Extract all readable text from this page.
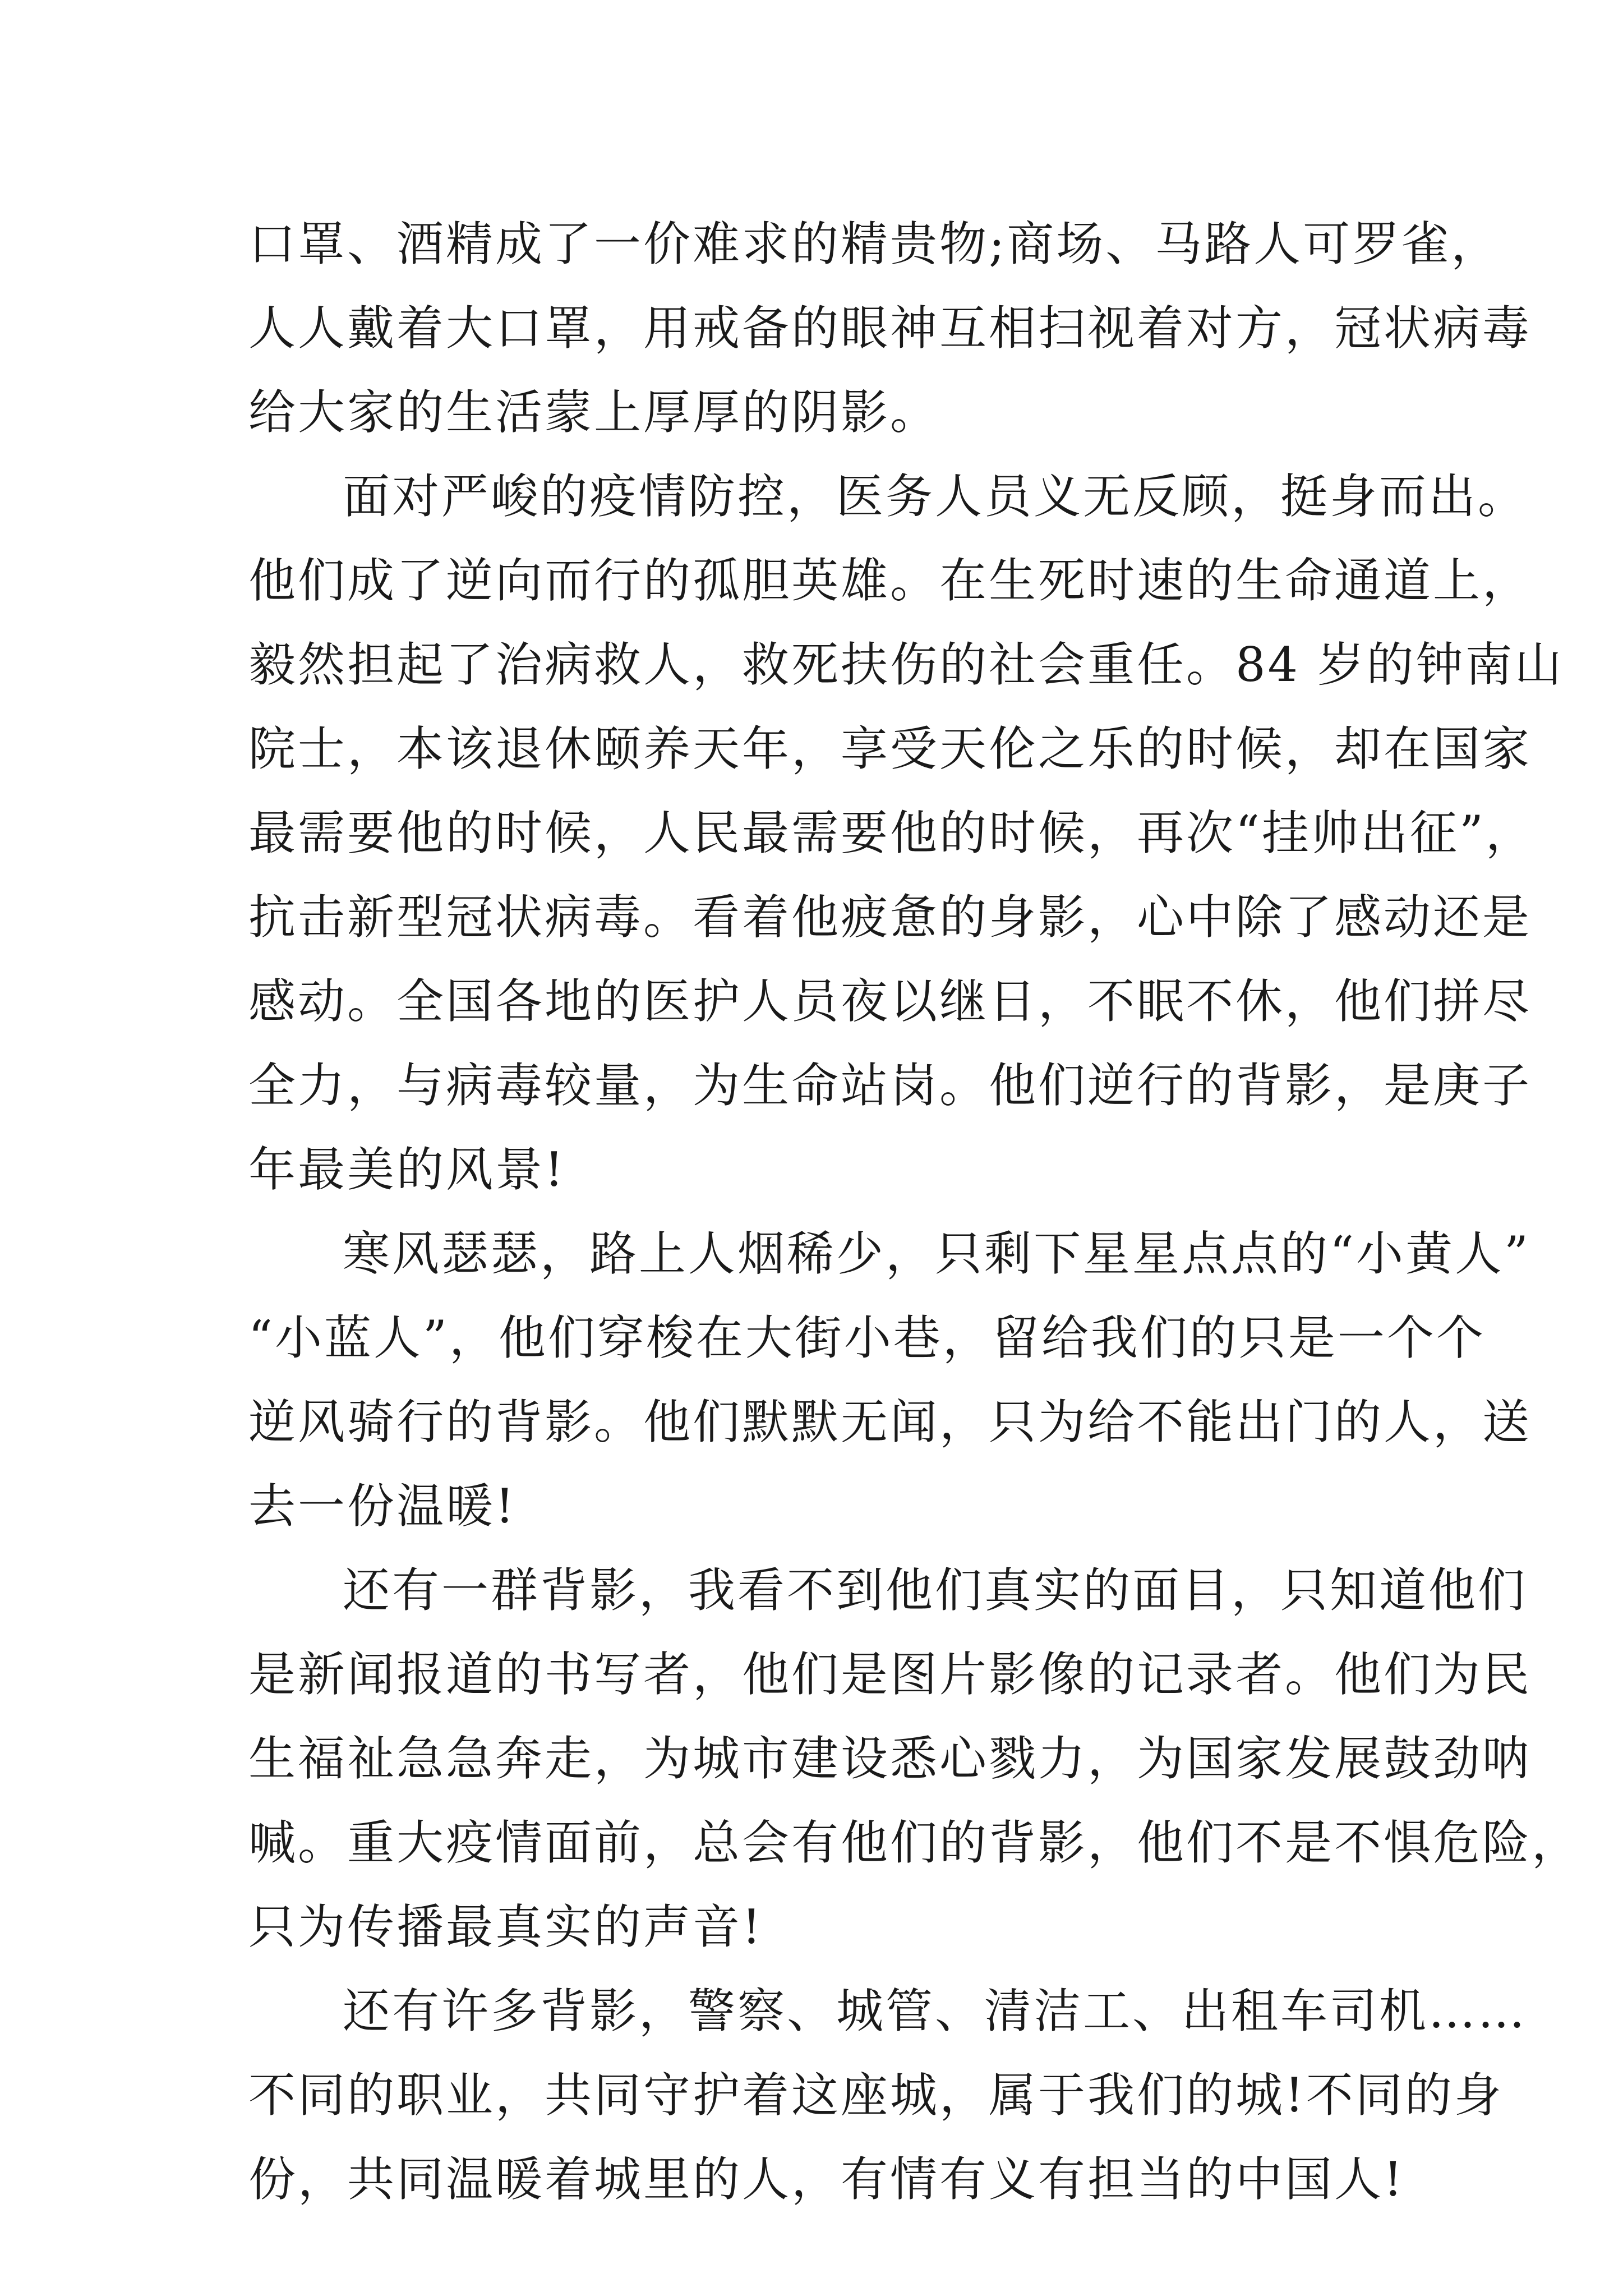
口罩、酒精成了一价难求的精贵物;商场、马路人可罗雀，
人人戴着大口罩，用戒备的眼神互相扫视着对方，冠状病毒
给大家的生活蒙上厚厚的阴影。
面对严峻的疫情防控，医务人员义无反顾，挺身而出。
他们成了逆向而行的孤胆英雄。在生死时速的生命通道上，
毅然担起了治病救人，救死扶伤的社会重任。84 岁的钟南山
院士，本该退休颐养天年，享受天伦之乐的时候，却在国家
最需要他的时候，人民最需要他的时候，再次“挂帅出征”，
抗击新型冠状病毒。看着他疲惫的身影，心中除了感动还是
感动。全国各地的医护人员夜以继日，不眠不休，他们拼尽
全力，与病毒较量，为生命站岗。他们逆行的背影，是庚子
年最美的风景!
寒风瑟瑟，路上人烟稀少，只剩下星星点点的“小黄人”
“小蓝人”，他们穿梭在大街小巷，留给我们的只是一个个
逆风骑行的背影。他们默默无闻，只为给不能出门的人，送
去一份温暖!
还有一群背影，我看不到他们真实的面目，只知道他们
是新闻报道的书写者，他们是图片影像的记录者。他们为民
生福祉急急奔走，为城市建设悉心戮力，为国家发展鼓劲呐
喊。重大疫情面前，总会有他们的背影，他们不是不惧危险，
只为传播最真实的声音!
还有许多背影，警察、城管、清洁工、出租车司机……
不同的职业，共同守护着这座城，属于我们的城!不同的身
份，共同温暖着城里的人，有情有义有担当的中国人!
